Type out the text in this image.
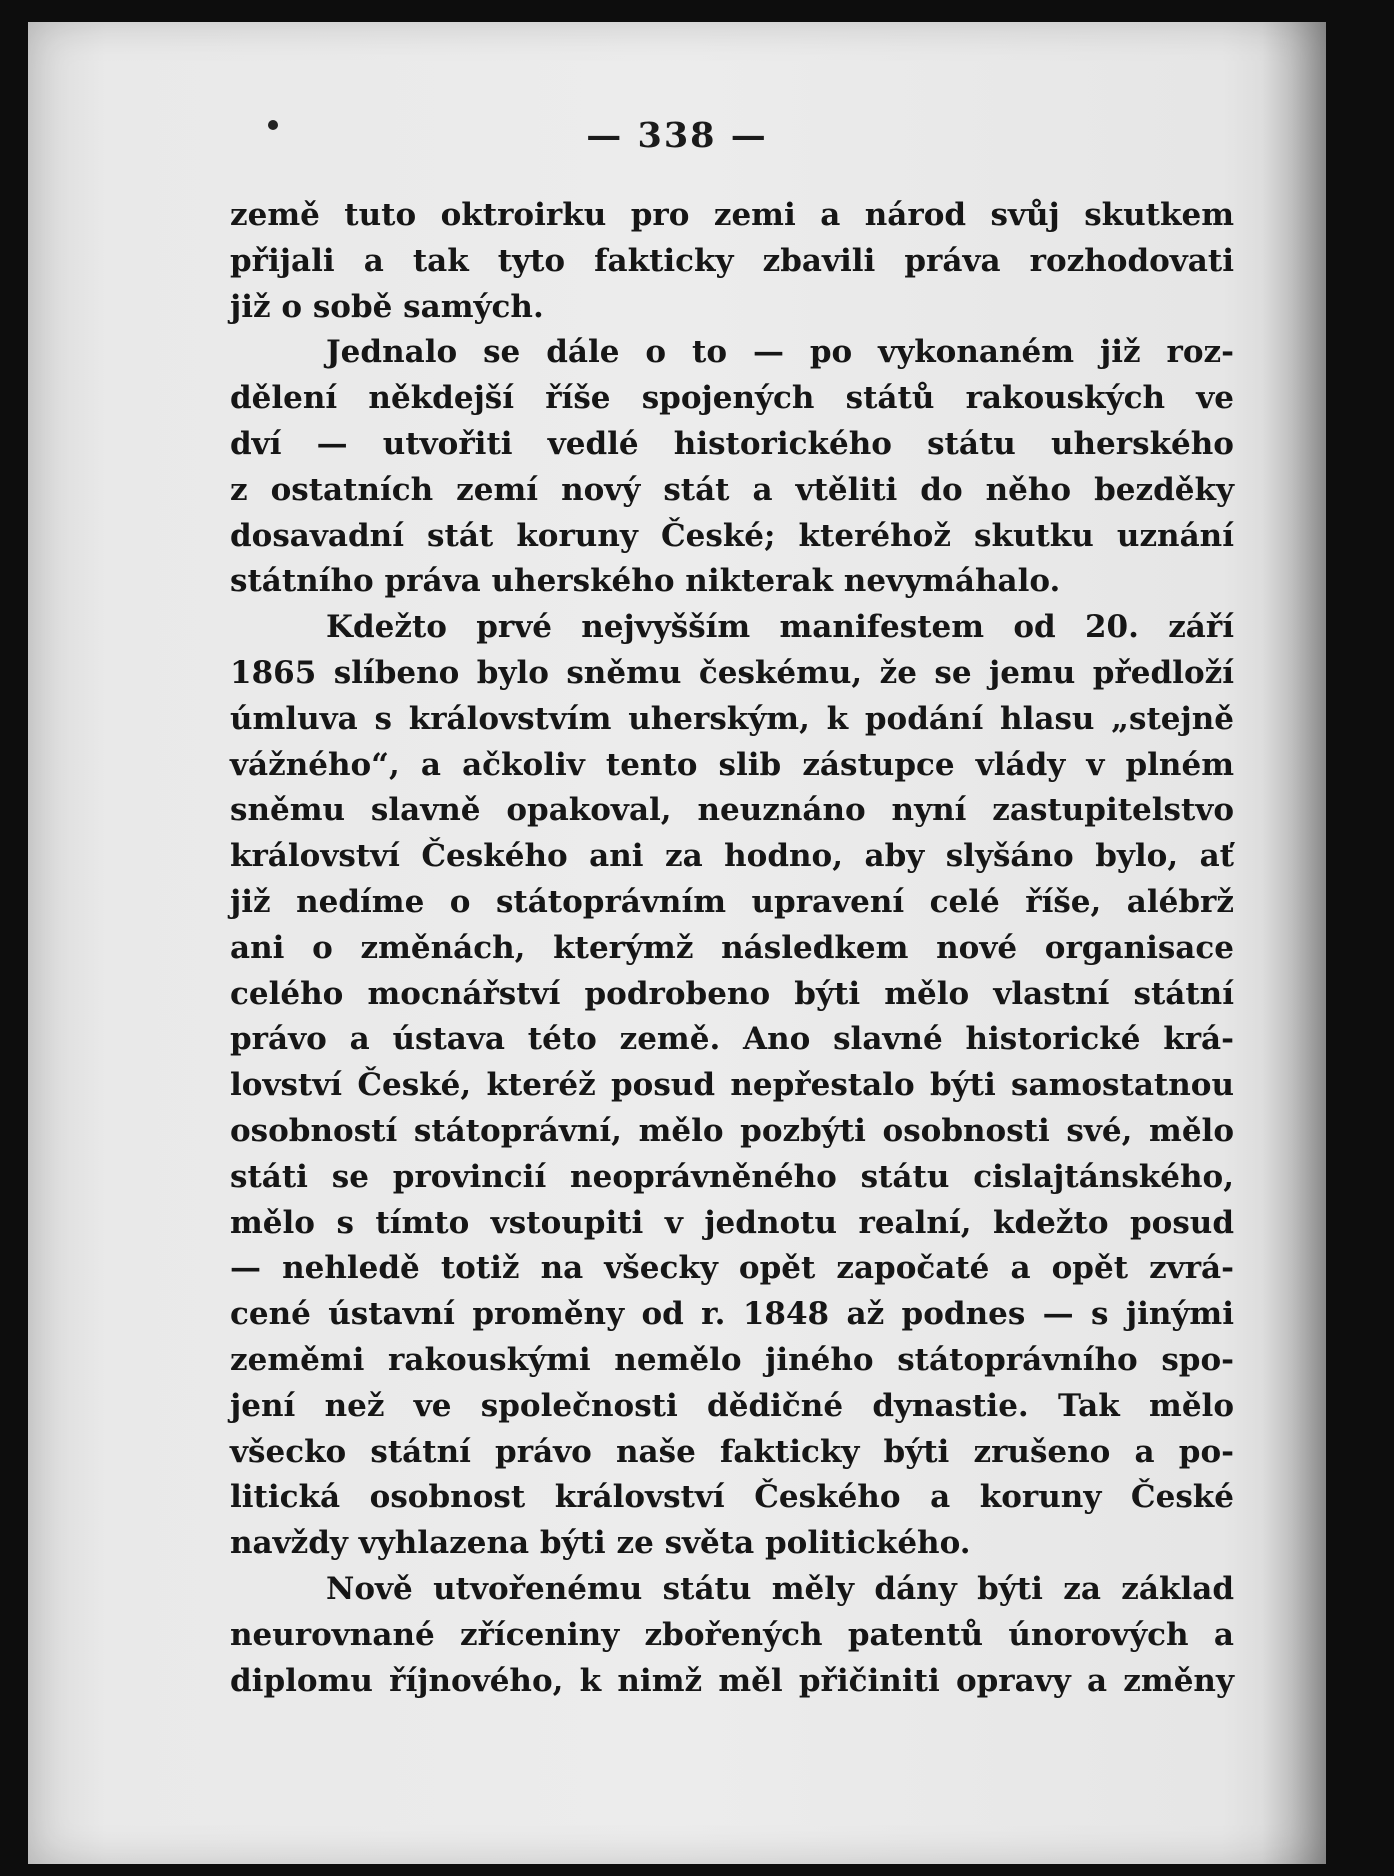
— 338 —
země tuto oktroirku pro zemi a národ svůj skutkem
přijali a tak tyto fakticky zbavili práva rozhodovati
již o sobě samých.
Jednalo se dále o to — po vykonaném již roz-
dělení někdejší říše spojených států rakouských ve
dví — utvořiti vedlé historického státu uherského
z ostatních zemí nový stát a vtěliti do něho bezděky
dosavadní stát koruny České; kteréhož skutku uznání
státního práva uherského nikterak nevymáhalo.
Kdežto prvé nejvyšším manifestem od 20. září
1865 slíbeno bylo sněmu českému, že se jemu předloží
úmluva s královstvím uherským, k podání hlasu „stejně
vážného“, a ačkoliv tento slib zástupce vlády v plném
sněmu slavně opakoval, neuznáno nyní zastupitelstvo
království Českého ani za hodno, aby slyšáno bylo, ať
již nedíme o státoprávním upravení celé říše, alébrž
ani o změnách, kterýmž následkem nové organisace
celého mocnářství podrobeno býti mělo vlastní státní
právo a ústava této země. Ano slavné historické krá-
lovství České, kteréž posud nepřestalo býti samostatnou
osobností státoprávní, mělo pozbýti osobnosti své, mělo
státi se provincií neoprávněného státu cislajtánského,
mělo s tímto vstoupiti v jednotu realní, kdežto posud
— nehledě totiž na všecky opět započaté a opět zvrá-
cené ústavní proměny od r. 1848 až podnes — s jinými
zeměmi rakouskými nemělo jiného státoprávního spo-
jení než ve společnosti dědičné dynastie. Tak mělo
všecko státní právo naše fakticky býti zrušeno a po-
litická osobnost království Českého a koruny České
navždy vyhlazena býti ze světa politického.
Nově utvořenému státu měly dány býti za základ
neurovnané zříceniny zbořených patentů únorových a
diplomu říjnového, k nimž měl přičiniti opravy a změny
